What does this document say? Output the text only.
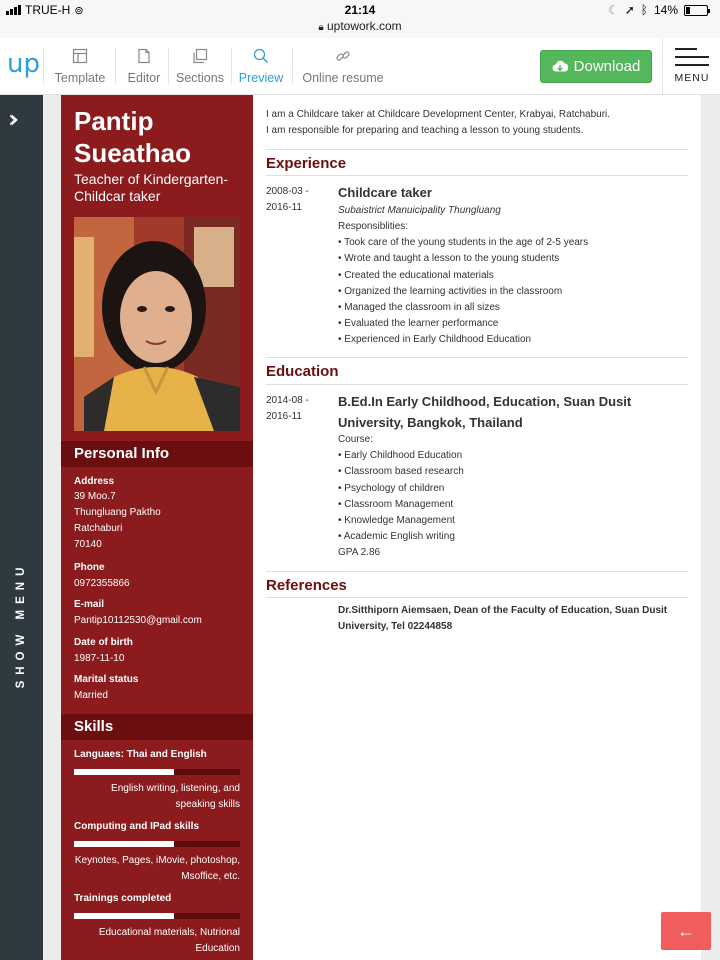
TRUE-H ⊚	21:14
🔒︎ uptowork.com
☾ ➚ ᛒ 14%
up	Template	Editor	Sections	Preview	Online resume
Download
MENU
››
SHOW MENU
Pantip
Sueathao
Teacher of Kindergarten-Childcar taker
Personal Info
Address
39 Moo.7
Thungluang Paktho
Ratchaburi
70140
Phone
0972355866
E-mail
Pantip10112530@gmail.com
Date of birth
1987-11-10
Marital status
Married
Skills
Languaes: Thai and English
English writing, listening, and speaking skills
Computing and IPad skills
Keynotes, Pages, iMovie, photoshop, Msoffice, etc.
Trainings completed
Educational materials, Nutrional Education
I am a Childcare taker at Childcare Development Center, Krabyai, Ratchaburi.
I am responsible for preparing and teaching a lesson to young students.
Experience
2008-03 -
2016-11
Childcare taker
Subaistrict Manuicipality Thungluang
Responsiblities:
• Took care of the young students in the age of 2-5 years
• Wrote and taught a lesson to the young students
• Created the educational materials
• Organized the learning activities in the classroom
• Managed the classroom in all sizes
• Evaluated the learner performance
• Experienced in Early Childhood Education
Education
2014-08 -
2016-11
B.Ed.In Early Childhood, Education, Suan Dusit University, Bangkok, Thailand
Course:
• Early Childhood Education
• Classroom based research
• Psychology of children
• Classroom Management
• Knowledge Management
• Academic English writing
GPA 2.86
References
Dr.Sitthiporn Aiemsaen, Dean of the Faculty of Education, Suan Dusit University, Tel 02244858
←
